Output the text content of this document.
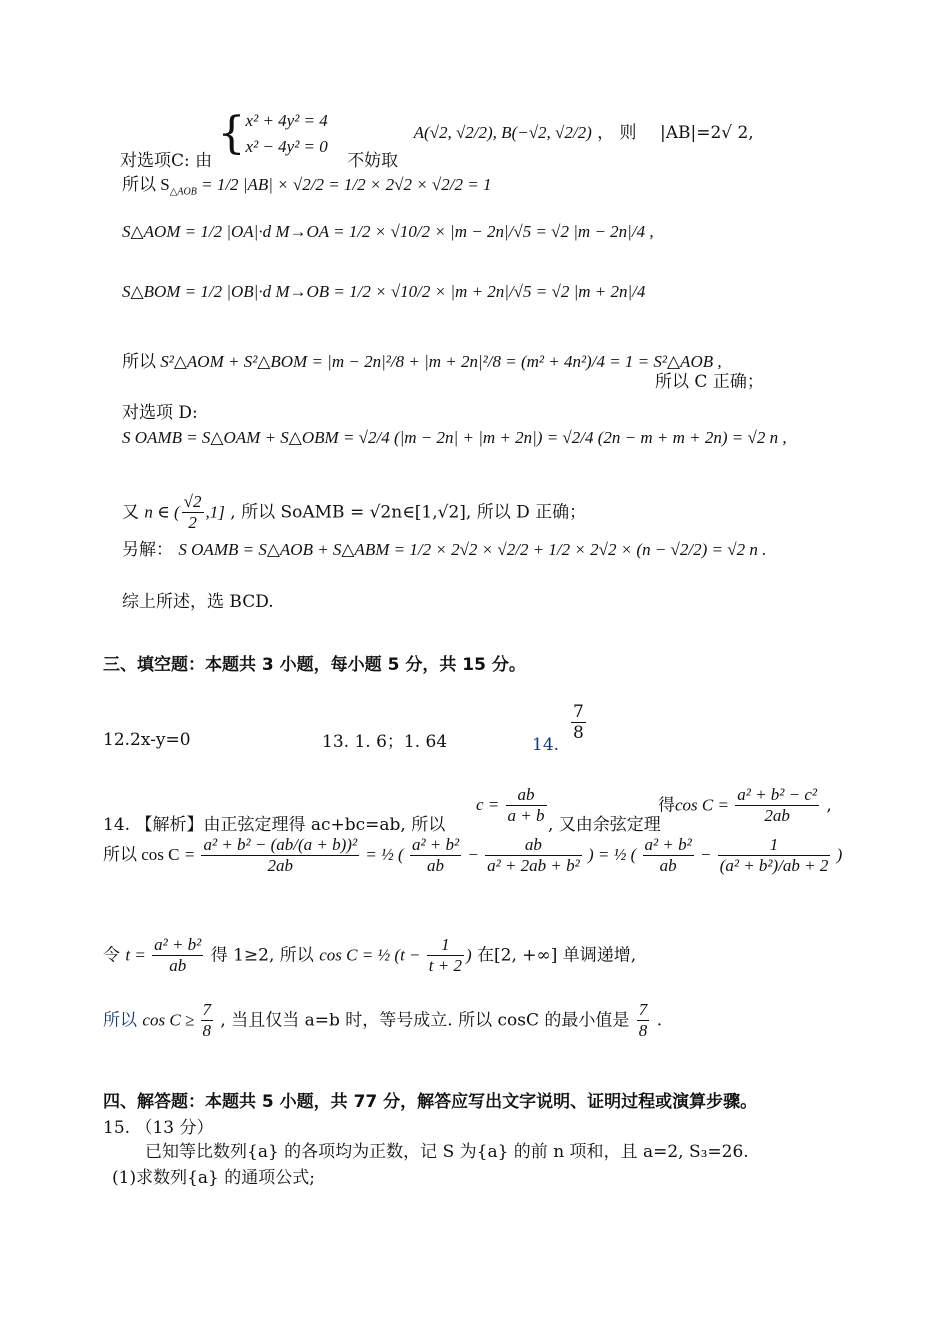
对选项C: 由 {x² + 4y² = 4
x² − 4y² = 0 不妨取 A(√2, √2/2), B(−√2, √2/2) ， 则 |AB|=2√ 2,
所以 $S_{\triangle AOB} = 1/2$ |AB| × √2/2 = 1/2 × 2√2 × √2/2 = 1
S△AOM = 1/2 |OA|·d M→OA = 1/2 × √10/2 × |m − 2n|/√5 = √2 |m − 2n|/4 ,
S△BOM = 1/2 |OB|·d M→OB = 1/2 × √10/2 × |m + 2n|/√5 = √2 |m + 2n|/4
所以 S²△AOM + S²△BOM = |m − 2n|²/8 + |m + 2n|²/8 = (m² + 4n²)/4 = 1 = S²△AOB ,
所以 C 正确；
对选项 D:
S OAMB = S△OAM + S△OBM = √2/4 (|m − 2n| + |m + 2n|) = √2/4 (2n − m + m + 2n) = √2 n ,
又 n ∈ ( $\frac{√2}{2} ,1$] , 所以 SoAMB = √2n∈[1,√2], 所以 D 正确；
另解： S OAMB = S△AOB + S△ABM = 1/2 × 2√2 × √2/2 + 1/2 × 2√2 × (n − √2/2) = √2 n .
综上所述，选 BCD.
三、填空题：本题共 3 小题，每小题 5 分，共 15 分。
12.2x-y=0	13. 1. 6；1. 64	14.
$\frac{7}{8}$
14. 【解析】由正弦定理得 ac+bc=ab, 所以
$c = \frac{ab}{a + b}$ , 又由余弦定理
得$\cos C = \frac{\text{a² + b² − c²}}{2ab}$ ,
所以 $\cos C = \frac{\text{a² + b² − (ab/(a + b))²}}{2ab}$ = ½ ( $\frac{\text{a² + b²}}{ab} - \frac{ab}{\text{a² + 2ab + b²}}$ ) = ½ ( $\frac{\text{a² + b²}}{ab} - \frac{1}{\text{(a² + b²)/ab + 2}}$ )
令 $t = \frac{\text{a² + b²}}{ab}$ 得 1≥2, 所以 cos C = ½ ($t - \frac{1}{t + 2}$ ) 在[2, +∞] 单调递增,
所以 $\cos C \ge \frac{7}{8}$ , 当且仅当 a=b 时，等号成立. 所以 cosC 的最小值是 $\frac{7}{8}$ .
四、解答题：本题共 5 小题，共 77 分，解答应写出文字说明、证明过程或演算步骤。
15. （13 分）
已知等比数列{a} 的各项均为正数，记 S 为{a} 的前 n 项和，且 a=2, S₃=26.
(1)求数列{a} 的通项公式;
